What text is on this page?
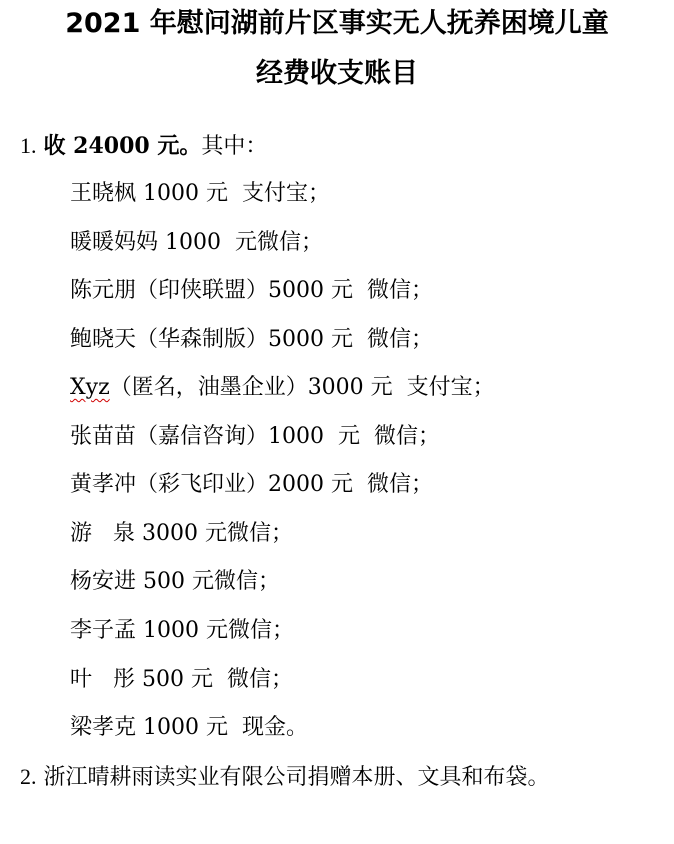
2021 年慰问湖前片区事实无人抚养困境儿童
经费收支账目
1. 收 24000 元。其中：
王晓枫 1000 元  支付宝；
暖暖妈妈 1000  元微信；
陈元朋（印侠联盟）5000 元  微信；
鲍晓天（华森制版）5000 元  微信；
Xyz（匿名，油墨企业）3000 元  支付宝；
张苗苗（嘉信咨询）1000  元  微信；
黄孝冲（彩飞印业）2000 元  微信；
游   泉 3000 元微信；
杨安进 500 元微信；
李子孟 1000 元微信；
叶   彤 500 元  微信；
梁孝克 1000 元  现金。
2. 浙江晴耕雨读实业有限公司捐赠本册、文具和布袋。
